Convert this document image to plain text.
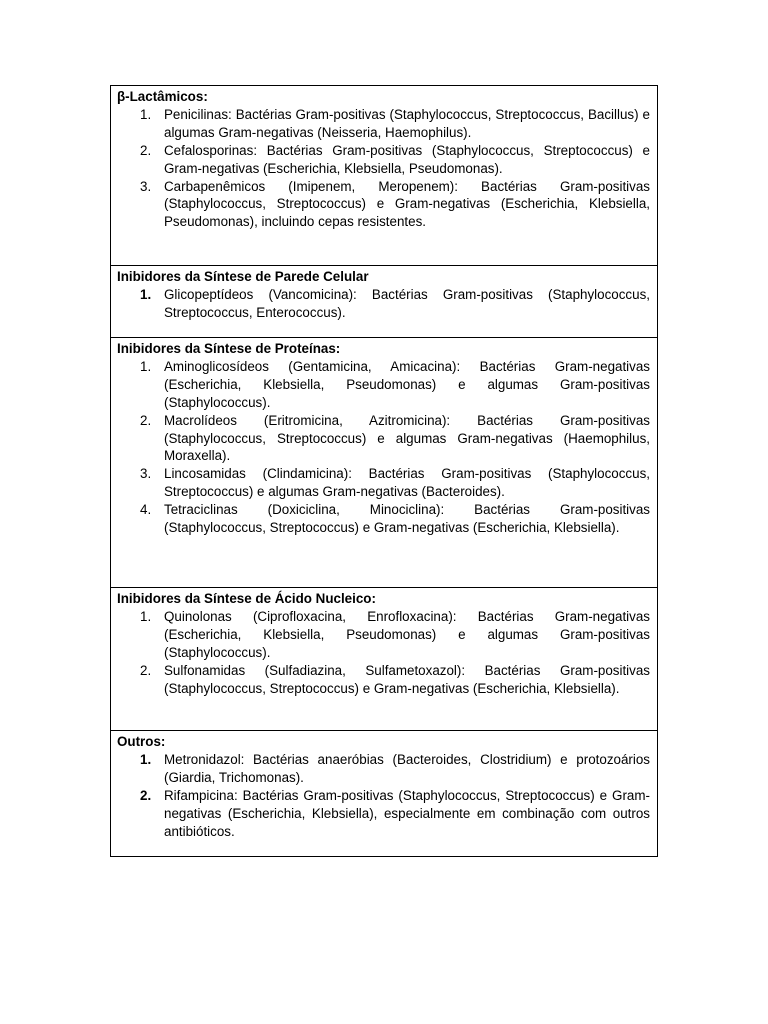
β-Lactâmicos:
1. Penicilinas: Bactérias Gram-positivas (Staphylococcus, Streptococcus, Bacillus) e algumas Gram-negativas (Neisseria, Haemophilus).
2. Cefalosporinas: Bactérias Gram-positivas (Staphylococcus, Streptococcus) e Gram-negativas (Escherichia, Klebsiella, Pseudomonas).
3. Carbapenêmicos (Imipenem, Meropenem): Bactérias Gram-positivas (Staphylococcus, Streptococcus) e Gram-negativas (Escherichia, Klebsiella, Pseudomonas), incluindo cepas resistentes.
Inibidores da Síntese de Parede Celular
1. Glicopeptídeos (Vancomicina): Bactérias Gram-positivas (Staphylococcus, Streptococcus, Enterococcus).
Inibidores da Síntese de Proteínas:
1. Aminoglicosídeos (Gentamicina, Amicacina): Bactérias Gram-negativas (Escherichia, Klebsiella, Pseudomonas) e algumas Gram-positivas (Staphylococcus).
2. Macrolídeos (Eritromicina, Azitromicina): Bactérias Gram-positivas (Staphylococcus, Streptococcus) e algumas Gram-negativas (Haemophilus, Moraxella).
3. Lincosamidas (Clindamicina): Bactérias Gram-positivas (Staphylococcus, Streptococcus) e algumas Gram-negativas (Bacteroides).
4. Tetraciclinas (Doxiciclina, Minociclina): Bactérias Gram-positivas (Staphylococcus, Streptococcus) e Gram-negativas (Escherichia, Klebsiella).
Inibidores da Síntese de Ácido Nucleico:
1. Quinolonas (Ciprofloxacina, Enrofloxacina): Bactérias Gram-negativas (Escherichia, Klebsiella, Pseudomonas) e algumas Gram-positivas (Staphylococcus).
2. Sulfonamidas (Sulfadiazina, Sulfametoxazol): Bactérias Gram-positivas (Staphylococcus, Streptococcus) e Gram-negativas (Escherichia, Klebsiella).
Outros:
1. Metronidazol: Bactérias anaeróbias (Bacteroides, Clostridium) e protozoários (Giardia, Trichomonas).
2. Rifampicina: Bactérias Gram-positivas (Staphylococcus, Streptococcus) e Gram-negativas (Escherichia, Klebsiella), especialmente em combinação com outros antibióticos.
